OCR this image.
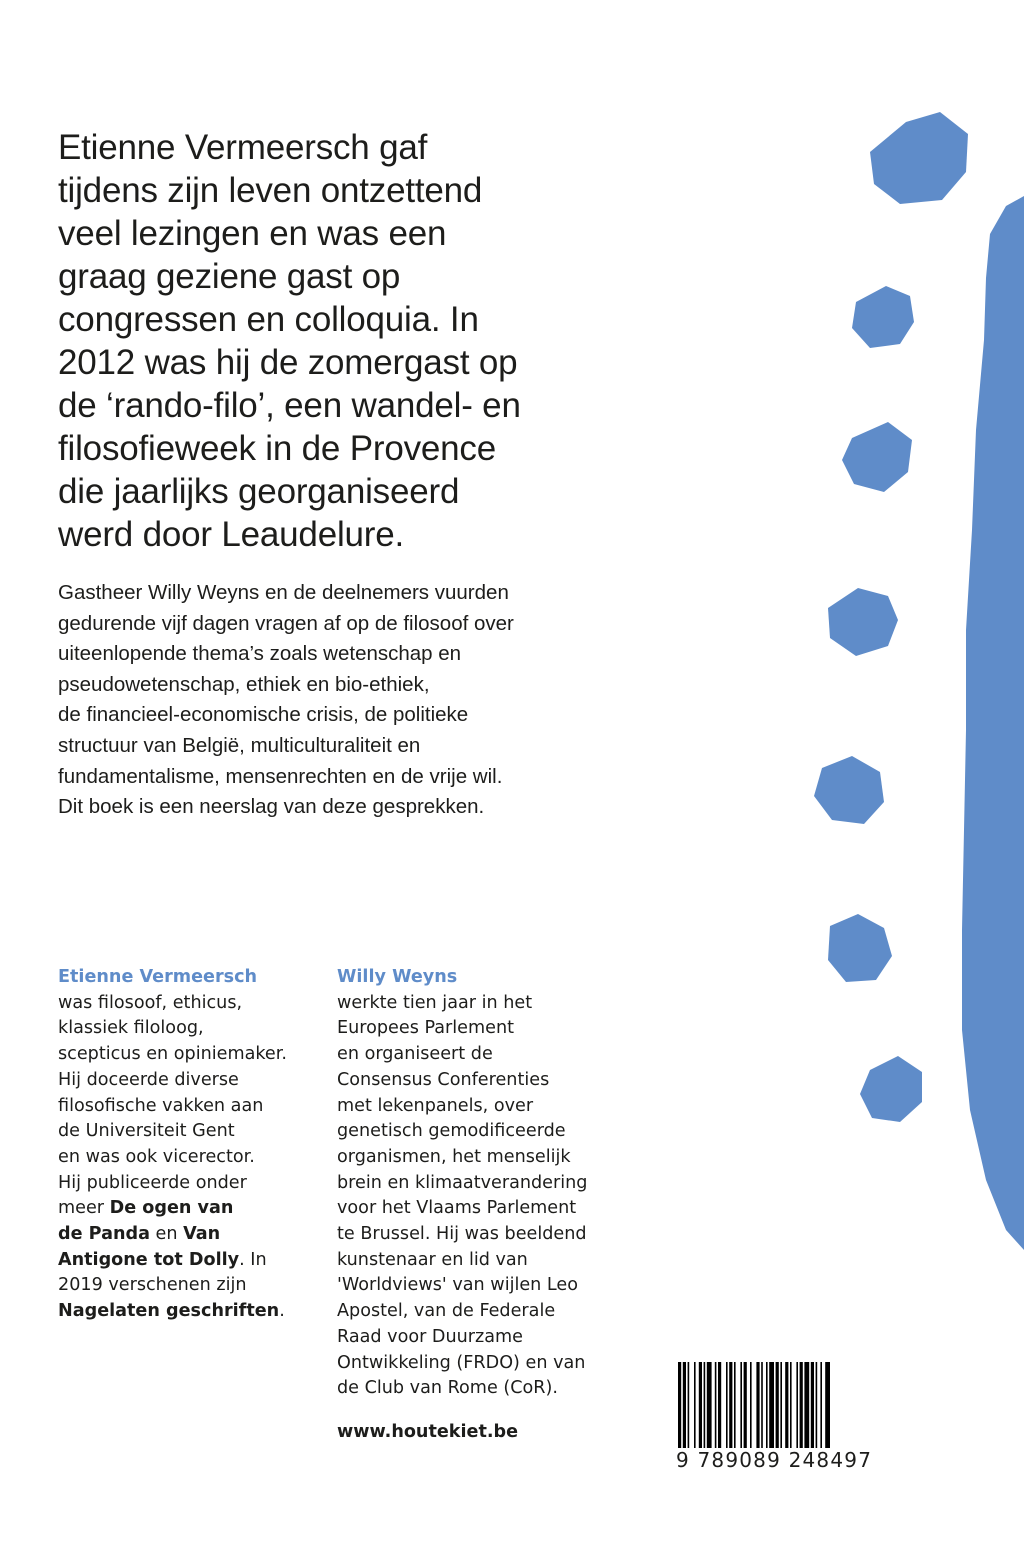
Etienne Vermeersch gaf
tijdens zijn leven ontzettend
veel lezingen en was een
graag geziene gast op
congressen en colloquia. In
2012 was hij de zomergast op
de ‘rando-filo’, een wandel- en
filosofieweek in de Provence
die jaarlijks georganiseerd
werd door Leaudelure.
Gastheer Willy Weyns en de deelnemers vuurden
gedurende vijf dagen vragen af op de filosoof over
uiteenlopende thema’s zoals wetenschap en
pseudowetenschap, ethiek en bio-ethiek,
de financieel-economische crisis, de politieke
structuur van België, multiculturaliteit en
fundamentalisme, mensenrechten en de vrije wil.
Dit boek is een neerslag van deze gesprekken.
Etienne Vermeersch
was filosoof, ethicus,
klassiek filoloog,
scepticus en opiniemaker.
Hij doceerde diverse
filosofische vakken aan
de Universiteit Gent
en was ook vicerector.
Hij publiceerde onder
meer De ogen van
de Panda en Van
Antigone tot Dolly. In
2019 verschenen zijn
Nagelaten geschriften.
Willy Weyns
werkte tien jaar in het
Europees Parlement
en organiseert de
Consensus Conferenties
met lekenpanels, over
genetisch gemodificeerde
organismen, het menselijk
brein en klimaatverandering
voor het Vlaams Parlement
te Brussel. Hij was beeldend
kunstenaar en lid van
'Worldviews' van wijlen Leo
Apostel, van de Federale
Raad voor Duurzame
Ontwikkeling (FRDO) en van
de Club van Rome (CoR).
www.houtekiet.be
9 789089 248497
